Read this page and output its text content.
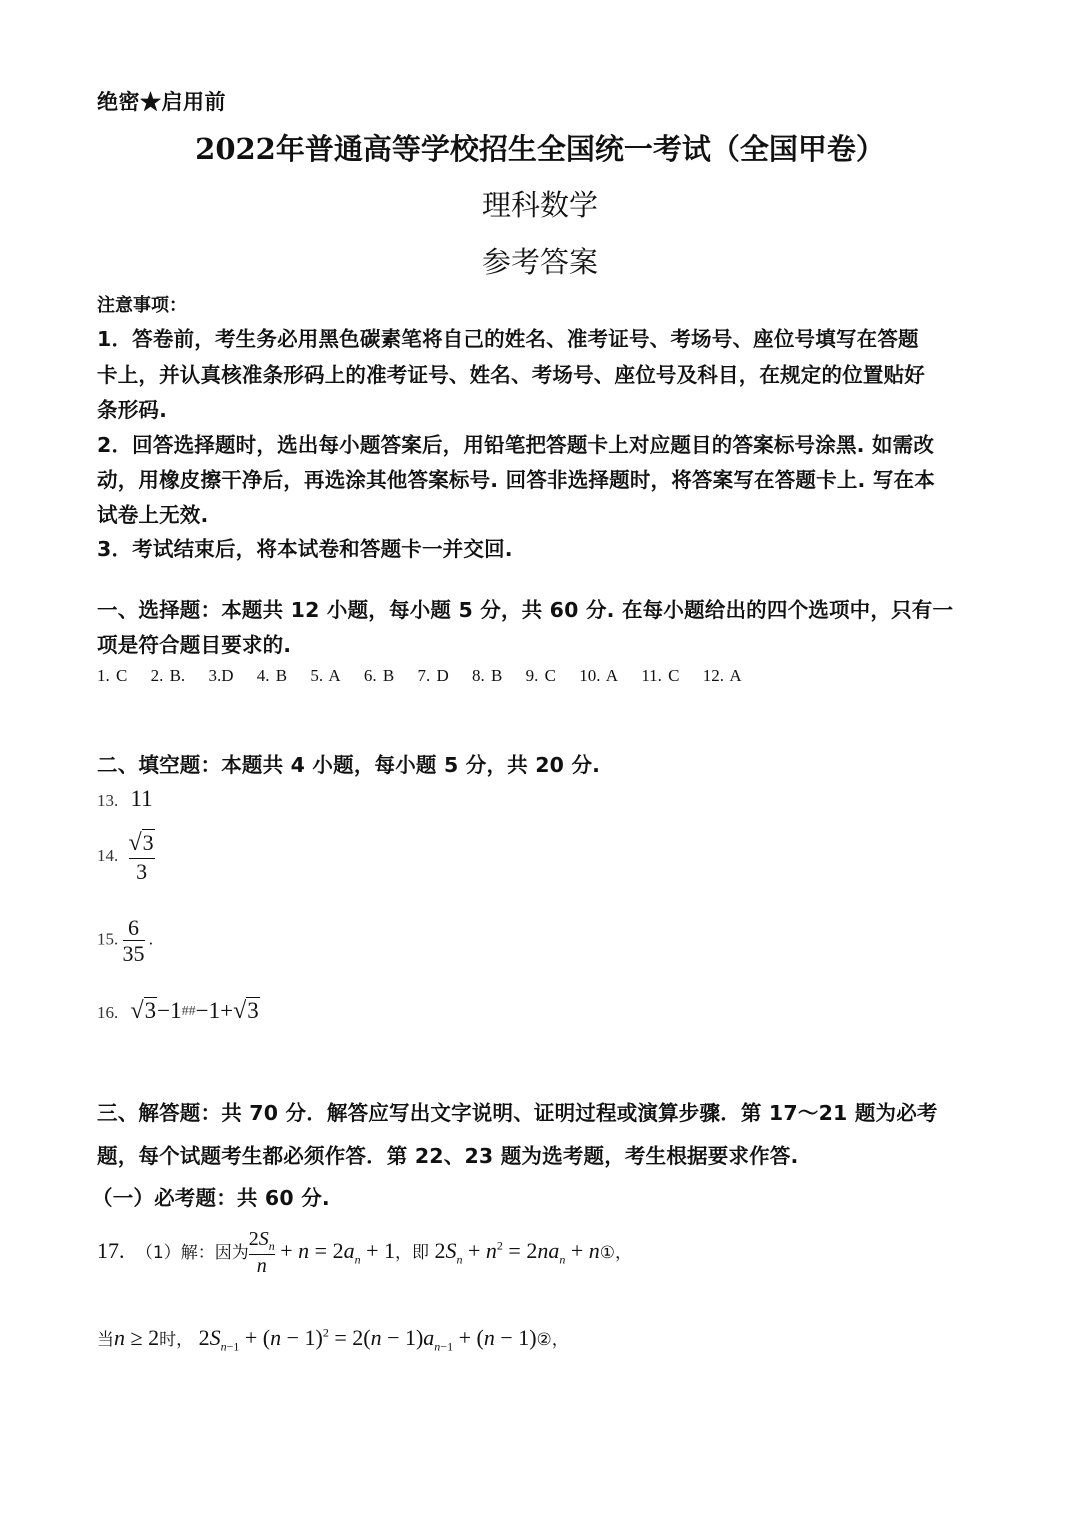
绝密★启用前
2022年普通高等学校招生全国统一考试（全国甲卷）
理科数学
参考答案
注意事项：
1．答卷前，考生务必用黑色碳素笔将自己的姓名、准考证号、考场号、座位号填写在答题
卡上，并认真核准条形码上的准考证号、姓名、考场号、座位号及科目，在规定的位置贴好
条形码.
2．回答选择题时，选出每小题答案后，用铅笔把答题卡上对应题目的答案标号涂黑. 如需改
动，用橡皮擦干净后，再选涂其他答案标号. 回答非选择题时，将答案写在答题卡上. 写在本
试卷上无效.
3．考试结束后，将本试卷和答题卡一并交回.
一、选择题：本题共 12 小题，每小题 5 分，共 60 分. 在每小题给出的四个选项中，只有一
项是符合题目要求的.
1. C 2. B. 3.D 4. B 5. A 6. B 7. D 8. B 9. C 10. A 11. C 12. A
二、填空题：本题共 4 小题，每小题 5 分，共 20 分.
13. 11
14. $\frac{√3}{3}$
15. $\frac{6}{35}$ .
16. √3−1##−1+√3
三、解答题：共 70 分．解答应写出文字说明、证明过程或演算步骤．第 17～21 题为必考
题，每个试题考生都必须作答．第 22、23 题为选考题，考生根据要求作答.
（一）必考题：共 60 分.
17. （1）解：因为 $\frac{2S_n}{n} + n = 2a_n + 1$，即 $2S_n + n^2 = 2na_n$ + n①，
当n ≥ 2时， $2S_{n-1} + (n - 1)^2 = 2(n - 1)a_{n-1} + (n$ − 1)②，
